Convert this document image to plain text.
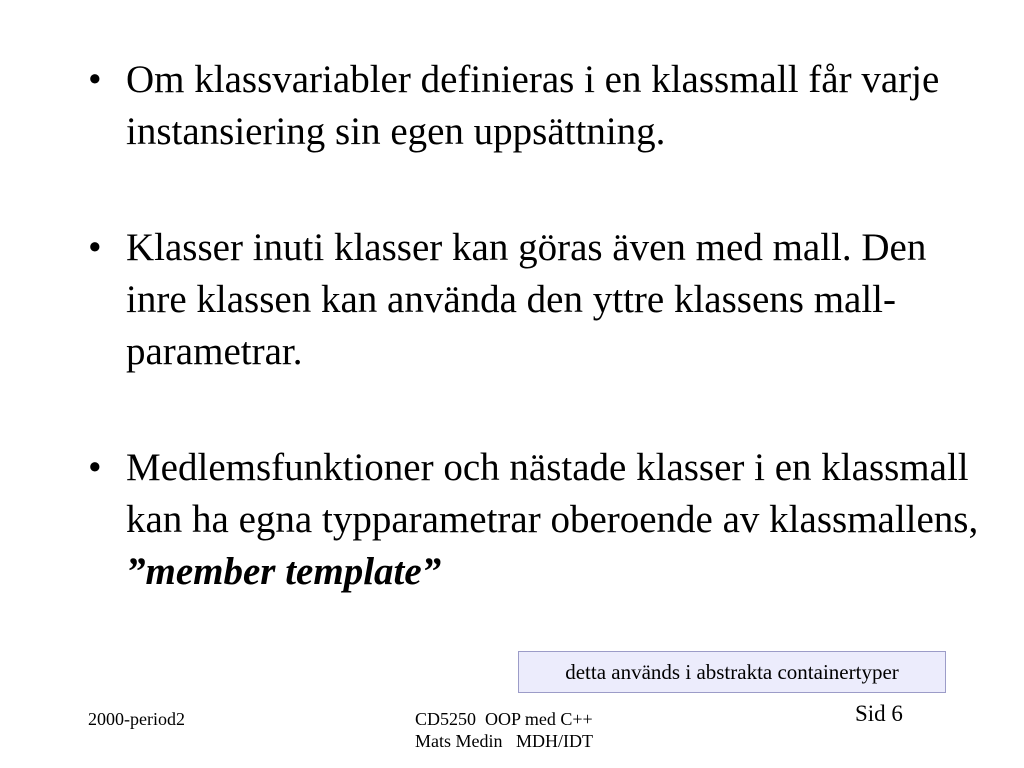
• Om klassvariabler definieras i en klassmall får varje instansiering sin egen uppsättning.
• Klasser inuti klasser kan göras även med mall. Den inre klassen kan använda den yttre klassens mall-parametrar.
• Medlemsfunktioner och nästade klasser i en klassmall kan ha egna typparametrar oberoende av klassmallens, ”member template”
detta används i abstrakta containertyper
2000-period2	CD5250  OOP med C++
Mats Medin   MDH/IDT
Sid 6
